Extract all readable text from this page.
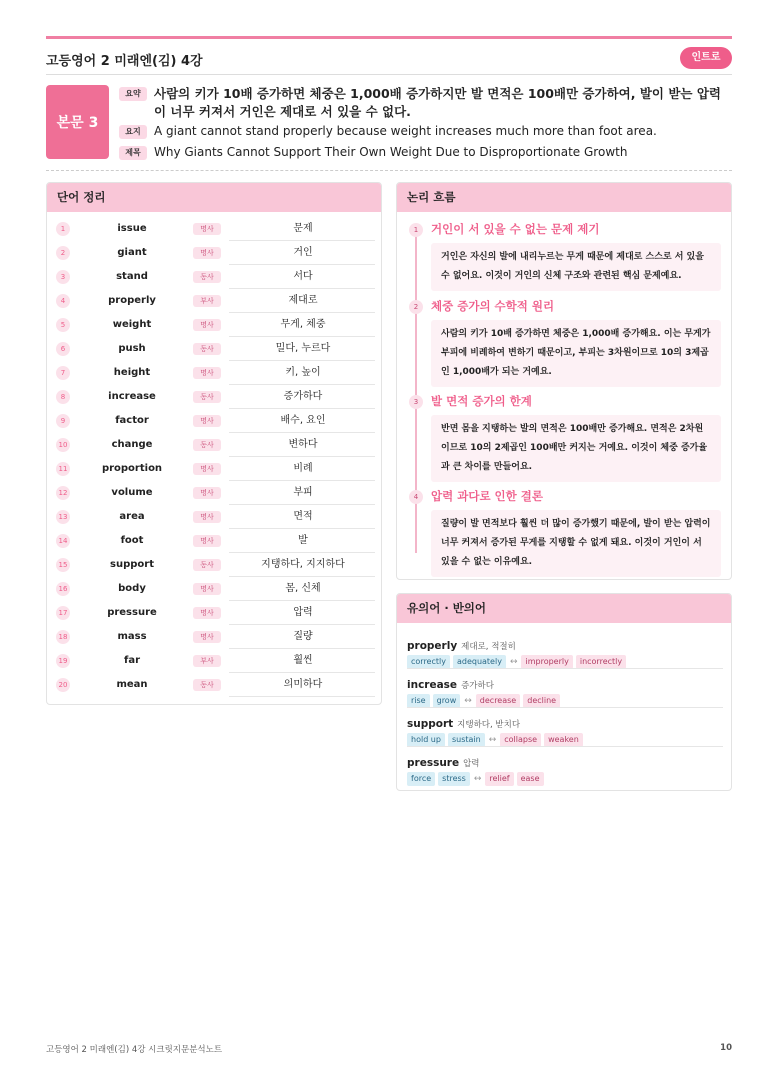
고등영어 2 미래엔(김) 4강	인트로
본문 3
요약	사람의 키가 10배 증가하면 체중은 1,000배 증가하지만 발 면적은 100배만 증가하여, 발이 받는 압력이 너무 커져서 거인은 제대로 서 있을 수 없다.
요지	A giant cannot stand properly because weight increases much more than foot area.
제목	Why Giants Cannot Support Their Own Weight Due to Disproportionate Growth
단어 정리
1	issue	명사	문제
2	giant	명사	거인
3	stand	동사	서다
4	properly	부사	제대로
5	weight	명사	무게, 체중
6	push	동사	밀다, 누르다
7	height	명사	키, 높이
8	increase	동사	증가하다
9	factor	명사	배수, 요인
10	change	동사	변하다
11	proportion	명사	비례
12	volume	명사	부피
13	area	명사	면적
14	foot	명사	발
15	support	동사	지탱하다, 지지하다
16	body	명사	몸, 신체
17	pressure	명사	압력
18	mass	명사	질량
19	far	부사	훨씬
20	mean	동사	의미하다
논리 흐름
1	거인이 서 있을 수 없는 문제 제기
거인은 자신의 발에 내리누르는 무게 때문에 제대로 스스로 서 있을 수 없어요. 이것이 거인의 신체 구조와 관련된 핵심 문제예요.
2	체중 증가의 수학적 원리
사람의 키가 10배 증가하면 체중은 1,000배 증가해요. 이는 무게가 부피에 비례하여 변하기 때문이고, 부피는 3차원이므로 10의 3제곱인 1,000배가 되는 거예요.
3	발 면적 증가의 한계
반면 몸을 지탱하는 발의 면적은 100배만 증가해요. 면적은 2차원이므로 10의 2제곱인 100배만 커지는 거예요. 이것이 체중 증가율과 큰 차이를 만들어요.
4	압력 과다로 인한 결론
질량이 발 면적보다 훨씬 더 많이 증가했기 때문에, 발이 받는 압력이 너무 커져서 증가된 무게를 지탱할 수 없게 돼요. 이것이 거인이 서 있을 수 없는 이유예요.
유의어 · 반의어
properly 제대로, 적절히
correctly	adequately ↔	improperly	incorrectly
increase 증가하다
rise	grow ↔	decrease	decline
support 지탱하다, 받치다
hold up	sustain ↔	collapse	weaken
pressure 압력
force	stress ↔	relief	ease
고등영어 2 미래엔(김) 4강 시크릿지문분석노트	10
